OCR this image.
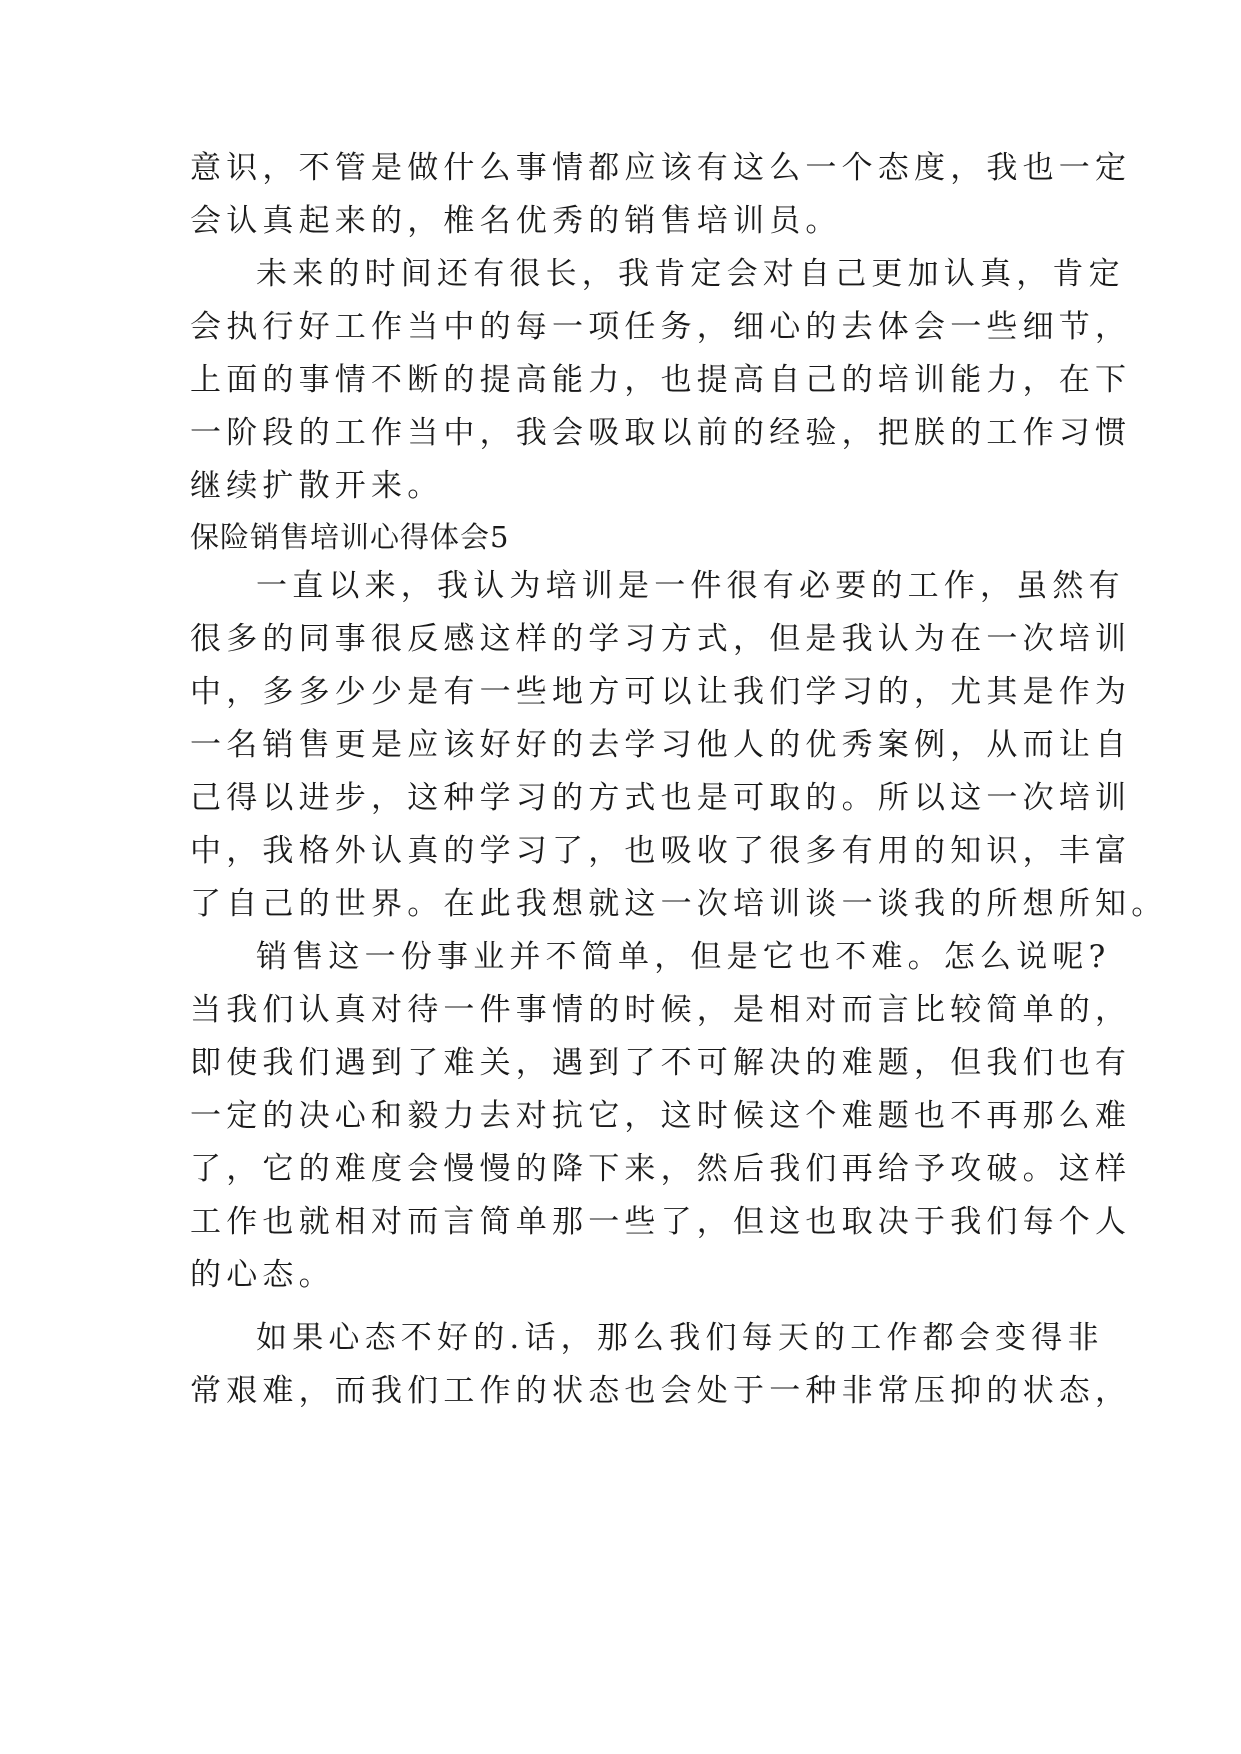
意识，不管是做什么事情都应该有这么一个态度，我也一定
会认真起来的，椎名优秀的销售培训员。
未来的时间还有很长，我肯定会对自己更加认真，肯定
会执行好工作当中的每一项任务，细心的去体会一些细节，
上面的事情不断的提高能力，也提高自己的培训能力，在下
一阶段的工作当中，我会吸取以前的经验，把朕的工作习惯
继续扩散开来。
保险销售培训心得体会5
一直以来，我认为培训是一件很有必要的工作，虽然有
很多的同事很反感这样的学习方式，但是我认为在一次培训
中，多多少少是有一些地方可以让我们学习的，尤其是作为
一名销售更是应该好好的去学习他人的优秀案例，从而让自
己得以进步，这种学习的方式也是可取的。所以这一次培训
中，我格外认真的学习了，也吸收了很多有用的知识，丰富
了自己的世界。在此我想就这一次培训谈一谈我的所想所知。
销售这一份事业并不简单，但是它也不难。怎么说呢?
当我们认真对待一件事情的时候，是相对而言比较简单的，
即使我们遇到了难关，遇到了不可解决的难题，但我们也有
一定的决心和毅力去对抗它，这时候这个难题也不再那么难
了，它的难度会慢慢的降下来，然后我们再给予攻破。这样
工作也就相对而言简单那一些了，但这也取决于我们每个人
的心态。
如果心态不好的.话，那么我们每天的工作都会变得非
常艰难，而我们工作的状态也会处于一种非常压抑的状态，
